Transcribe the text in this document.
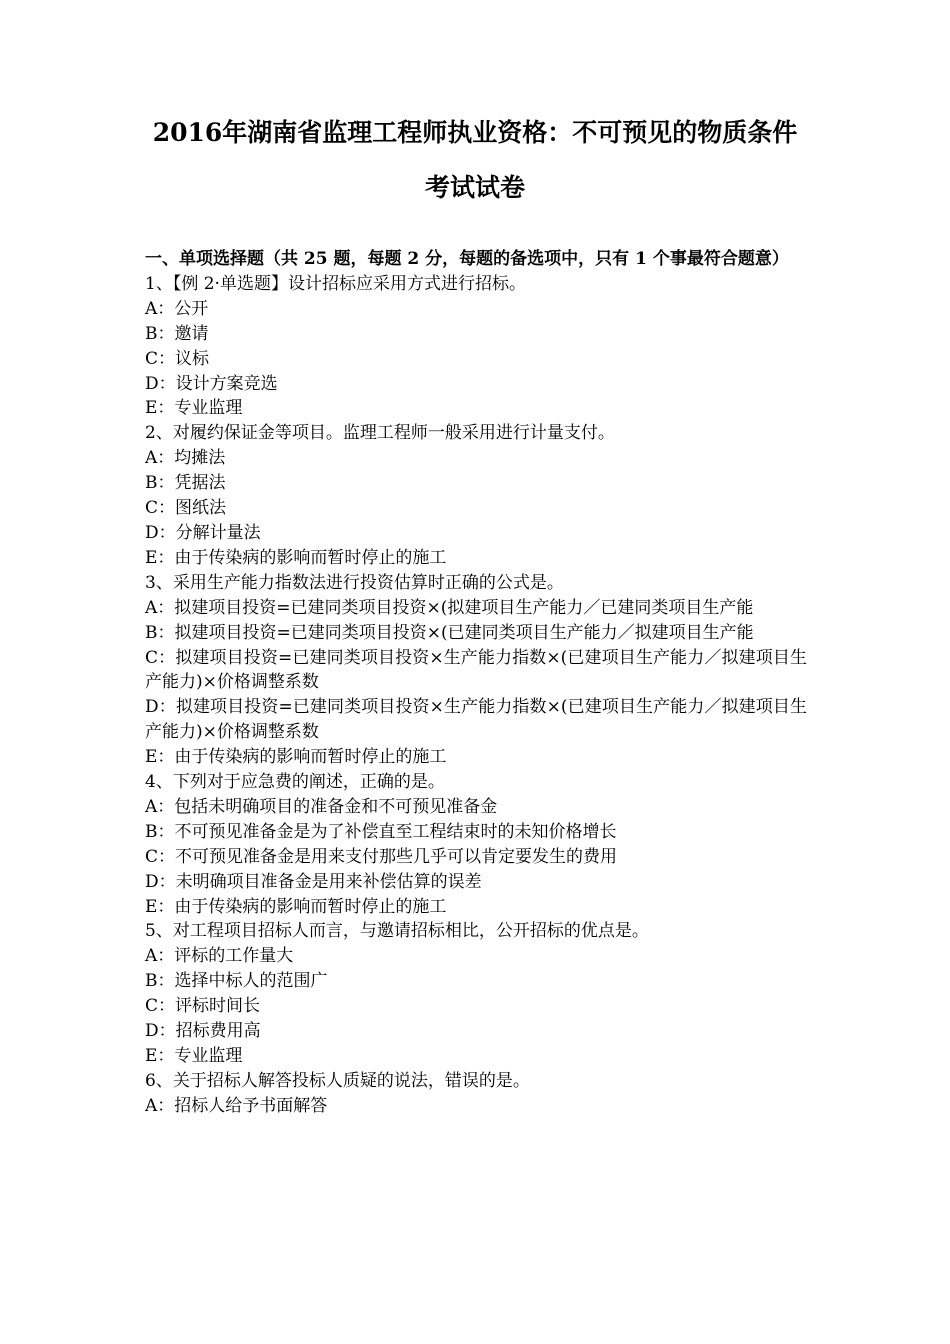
2016年湖南省监理工程师执业资格：不可预见的物质条件
考试试卷
一、单项选择题（共 25 题，每题 2 分，每题的备选项中，只有 1 个事最符合题意）
1、【例 2·单选题】设计招标应采用方式进行招标。
A：公开
B：邀请
C：议标
D：设计方案竞选
E：专业监理
2、对履约保证金等项目。监理工程师一般采用进行计量支付。
A：均摊法
B：凭据法
C：图纸法
D：分解计量法
E：由于传染病的影响而暂时停止的施工
3、采用生产能力指数法进行投资估算时正确的公式是。
A：拟建项目投资=已建同类项目投资×(拟建项目生产能力／已建同类项目生产能
B：拟建项目投资=已建同类项目投资×(已建同类项目生产能力／拟建项目生产能
C：拟建项目投资=已建同类项目投资×生产能力指数×(已建项目生产能力／拟建项目生产能力)×价格调整系数
D：拟建项目投资=已建同类项目投资×生产能力指数×(已建项目生产能力／拟建项目生产能力)×价格调整系数
E：由于传染病的影响而暂时停止的施工
4、下列对于应急费的阐述，正确的是。
A：包括未明确项目的准备金和不可预见准备金
B：不可预见准备金是为了补偿直至工程结束时的未知价格增长
C：不可预见准备金是用来支付那些几乎可以肯定要发生的费用
D：未明确项目准备金是用来补偿估算的误差
E：由于传染病的影响而暂时停止的施工
5、对工程项目招标人而言，与邀请招标相比，公开招标的优点是。
A：评标的工作量大
B：选择中标人的范围广
C：评标时间长
D：招标费用高
E：专业监理
6、关于招标人解答投标人质疑的说法，错误的是。
A：招标人给予书面解答
